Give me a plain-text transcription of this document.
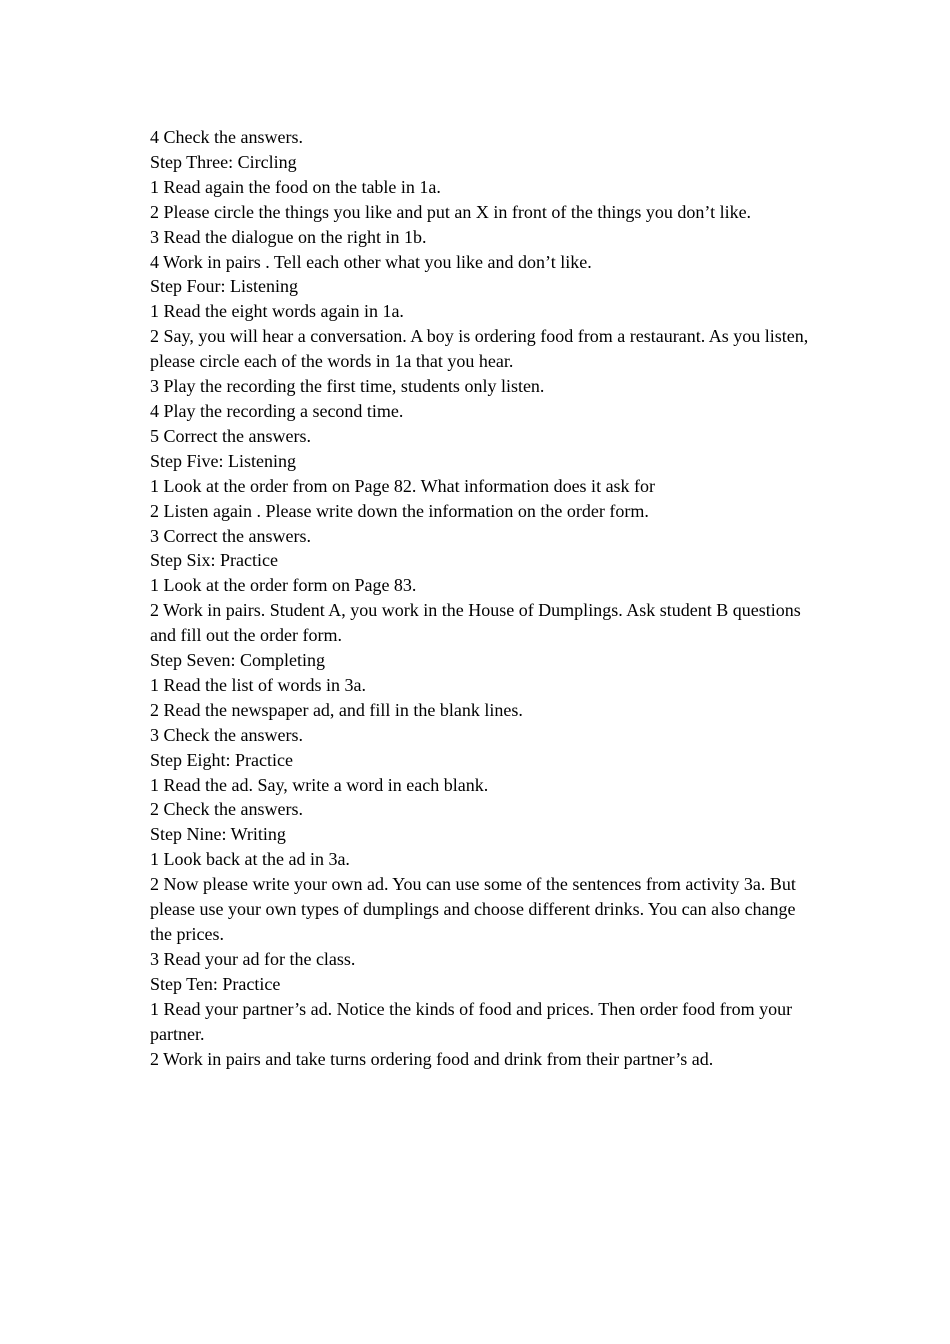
4 Check the answers.

Step Three: Circling

1 Read again the food on the table in 1a.

2 Please circle the things you like and put an X in front of the things you don’t like.

3 Read the dialogue on the right in 1b.

4 Work in pairs . Tell each other what you like and don’t like.

Step Four: Listening

1 Read the eight words again in 1a.

2 Say, you will hear a conversation. A boy is ordering food from a restaurant. As you listen, please circle each of the words in 1a that you hear.

3 Play the recording the first time, students only listen.

4 Play the recording a second time.

5 Correct the answers.

Step Five: Listening

1 Look at the order from on Page 82. What information does it ask for

2 Listen again . Please write down the information on the order form.

3 Correct the answers.

Step Six: Practice

1 Look at the order form on Page 83.

2 Work in pairs. Student A, you work in the House of Dumplings. Ask student B questions and fill out the order form.

Step Seven: Completing

1 Read the list of words in 3a.

2 Read the newspaper ad, and fill in the blank lines.

3 Check the answers.

Step Eight: Practice

1 Read the ad. Say, write a word in each blank.

2 Check the answers.

Step Nine: Writing

1 Look back at the ad in 3a.

2 Now please write your own ad. You can use some of the sentences from activity 3a. But please use your own types of dumplings and choose different drinks. You can also change the prices.

3 Read your ad for the class.

Step Ten: Practice

1 Read your partner’s ad. Notice the kinds of food and prices. Then order food from your partner.

2 Work in pairs and take turns ordering food and drink from their partner’s ad.
